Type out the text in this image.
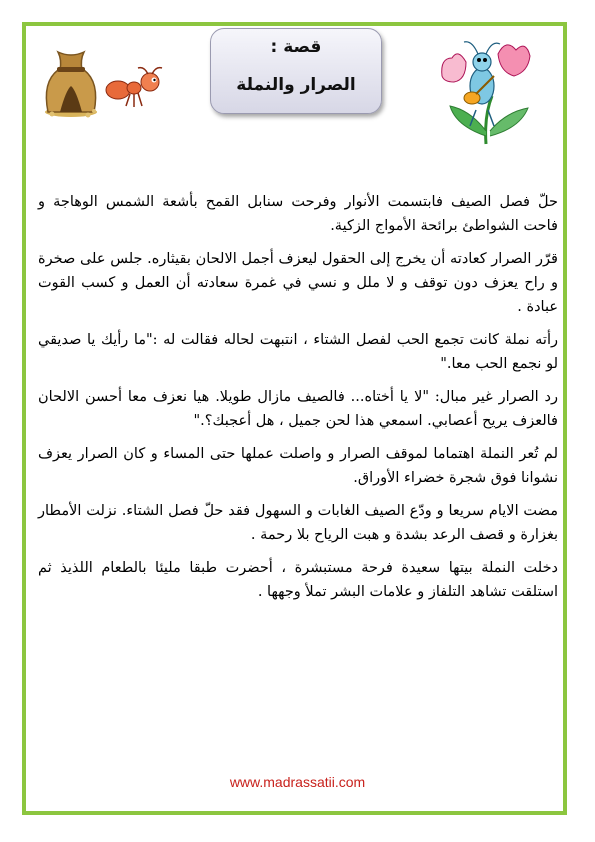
قصة :
الصرار والنملة

حلّ فصل الصيف فابتسمت الأنوار وفرحت سنابل القمح بأشعة الشمس الوهاجة و فاحت الشواطئ برائحة الأمواج الزكية.

قرّر الصرار كعادته أن يخرج إلى الحقول ليعزف أجمل الالحان بقيثاره. جلس على صخرة و راح يعزف دون توقف و لا ملل و نسي في غمرة سعادته أن العمل و كسب القوت عبادة .

رأته نملة كانت تجمع الحب لفصل الشتاء ، انتبهت لحاله فقالت له :"ما رأيك يا صديقي لو نجمع الحب معا."

رد الصرار غير مبال: "لا يا أختاه... فالصيف مازال طويلا. هيا نعزف معا أحسن الالحان فالعزف يريح أعصابي. اسمعي هذا لحن جميل ، هل أعجبك؟."

لم تُعر النملة اهتماما لموقف الصرار و واصلت عملها حتى المساء و كان الصرار يعزف نشوانا فوق شجرة خضراء الأوراق.

مضت الايام سريعا و ودّع الصيف الغابات و السهول فقد حلّ فصل الشتاء. نزلت الأمطار بغزارة و قصف الرعد بشدة و هبت الرياح بلا رحمة .

دخلت النملة بيتها سعيدة فرحة مستبشرة ، أحضرت طبقا مليئا بالطعام اللذيذ ثم استلقت تشاهد التلفاز و علامات البشر تملأ وجهها .

www.madrassatii.com
